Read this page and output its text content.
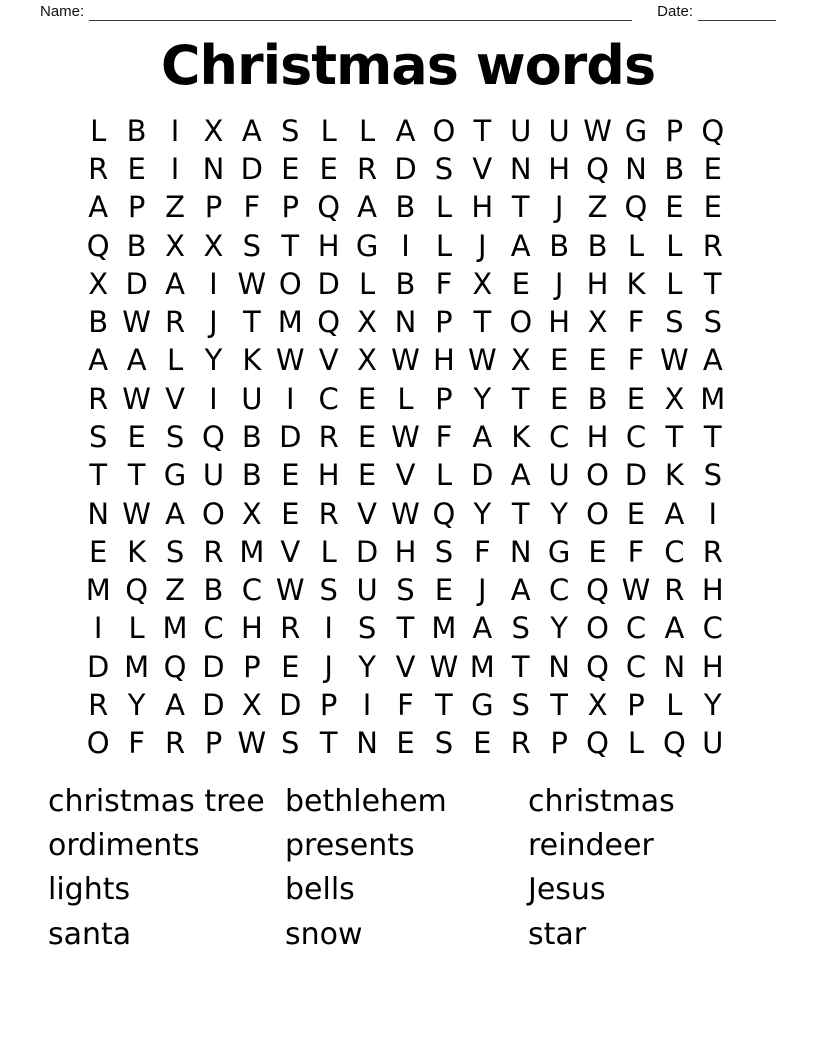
Name:	Date:
Christmas words
L B I X A S L L A O T U U W G P Q
R E I N D E E R D S V N H Q N B E
A P Z P F P Q A B L H T J Z Q E E
Q B X X S T H G I L J A B B L L R
X D A I W O D L B F X E J H K L T
B W R J T M Q X N P T O H X F S S
A A L Y K W V X W H W X E E F W A
R W V I U I C E L P Y T E B E X M
S E S Q B D R E W F A K C H C T T
T T G U B E H E V L D A U O D K S
N W A O X E R V W Q Y T Y O E A I
E K S R M V L D H S F N G E F C R
M Q Z B C W S U S E J A C Q W R H
I L M C H R I S T M A S Y O C A C
D M Q D P E J Y V W M T N Q C N H
R Y A D X D P I F T G S T X P L Y
O F R P W S T N E S E R P Q L Q U
christmas tree
ordiments
lights
santa
bethlehem
presents
bells
snow
christmas
reindeer
Jesus
star
